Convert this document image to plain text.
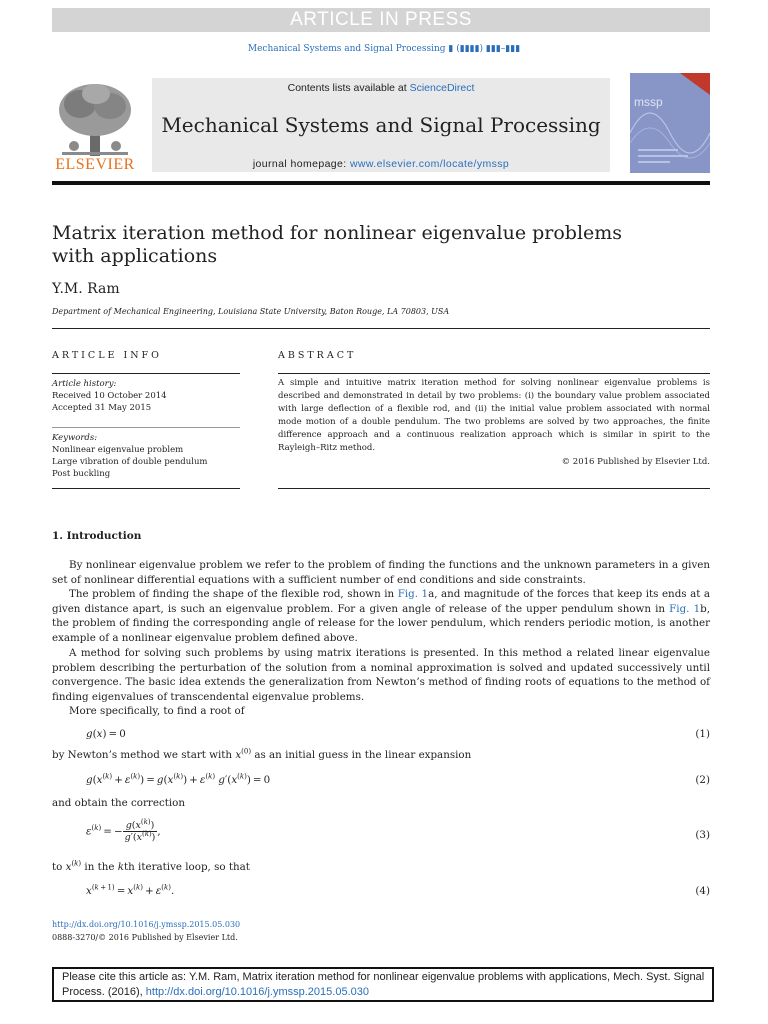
ARTICLE IN PRESS
Mechanical Systems and Signal Processing ▮ (▮▮▮▮) ▮▮▮–▮▮▮
ELSEVIER
Contents lists available at ScienceDirect
Mechanical Systems and Signal Processing
journal homepage: www.elsevier.com/locate/ymssp
mssp
Matrix iteration method for nonlinear eigenvalue problems
with applications
Y.M. Ram
Department of Mechanical Engineering, Louisiana State University, Baton Rouge, LA 70803, USA
ARTICLE INFO	ABSTRACT
Article history:
Received 10 October 2014
Accepted 31 May 2015
Keywords:
Nonlinear eigenvalue problem
Large vibration of double pendulum
Post buckling
A simple and intuitive matrix iteration method for solving nonlinear eigenvalue problems is described and demonstrated in detail by two problems: (i) the boundary value problem associated with large deflection of a flexible rod, and (ii) the initial value problem associated with normal mode motion of a double pendulum. The two problems are solved by two approaches, the finite difference approach and a continuous realization approach which is similar in spirit to the Rayleigh–Ritz method.
© 2016 Published by Elsevier Ltd.
1. Introduction

By nonlinear eigenvalue problem we refer to the problem of finding the functions and the unknown parameters in a given set of nonlinear differential equations with a sufficient number of end conditions and side constraints.

The problem of finding the shape of the flexible rod, shown in Fig. 1a, and magnitude of the forces that keep its ends at a given distance apart, is such an eigenvalue problem. For a given angle of release of the upper pendulum shown in Fig. 1b, the problem of finding the corresponding angle of release for the lower pendulum, which renders periodic motion, is another example of a nonlinear eigenvalue problem defined above.

A method for solving such problems by using matrix iterations is presented. In this method a related linear eigenvalue problem describing the perturbation of the solution from a nominal approximation is solved and updated successively until convergence. The basic idea extends the generalization from Newton’s method of finding roots of equations to the method of finding eigenvalues of transcendental eigenvalue problems.

More specifically, to find a root of

g(x) = 0	(1)
by Newton’s method we start with $x^{(0)}$ as an initial guess in the linear expansion
$g(x^{(k)} + \varepsilon^{(k)}) = g(x^{(k)}) + \varepsilon^{(k)}$ $g'(x^{(k)}) = 0$	(2)
and obtain the correction
$\varepsilon^{(k)}$ = − $\frac{g(x^{(k)})}{g'(x^{(k)})}$ ,	(3)
to $x^{(k)}$ in the kth iterative loop, so that
$x^{(k + 1)} = x^{(k)} + \varepsilon^{(k)}$.	(4)
http://dx.doi.org/10.1016/j.ymssp.2015.05.030
0888-3270/© 2016 Published by Elsevier Ltd.
Please cite this article as: Y.M. Ram, Matrix iteration method for nonlinear eigenvalue problems with applications, Mech. Syst. Signal Process. (2016), http://dx.doi.org/10.1016/j.ymssp.2015.05.030
